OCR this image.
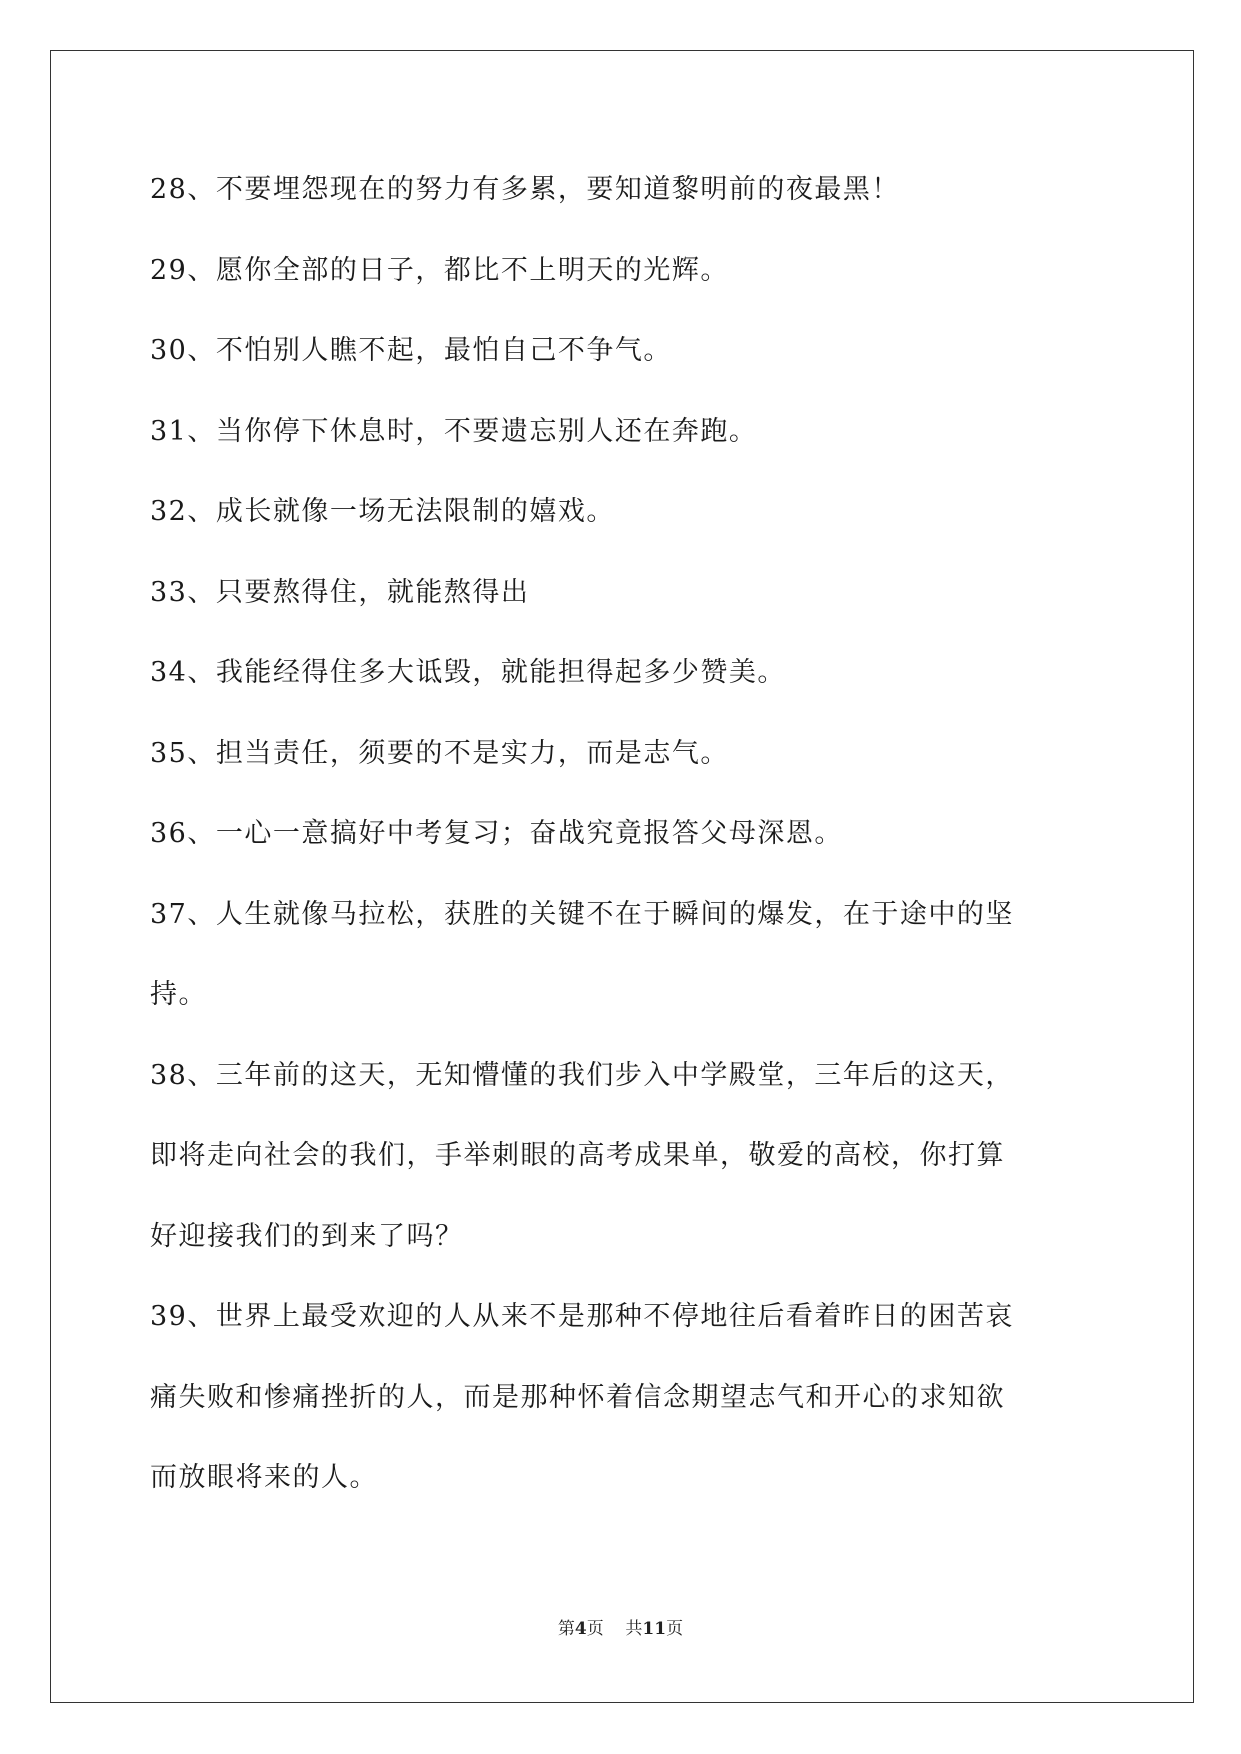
28、不要埋怨现在的努力有多累，要知道黎明前的夜最黑！
29、愿你全部的日子，都比不上明天的光辉。
30、不怕别人瞧不起，最怕自己不争气。
31、当你停下休息时，不要遗忘别人还在奔跑。
32、成长就像一场无法限制的嬉戏。
33、只要熬得住，就能熬得出
34、我能经得住多大诋毁，就能担得起多少赞美。
35、担当责任，须要的不是实力，而是志气。
36、一心一意搞好中考复习；奋战究竟报答父母深恩。
37、人生就像马拉松，获胜的关键不在于瞬间的爆发，在于途中的坚
持。
38、三年前的这天，无知懵懂的我们步入中学殿堂，三年后的这天，
即将走向社会的我们，手举刺眼的高考成果单，敬爱的高校，你打算
好迎接我们的到来了吗？
39、世界上最受欢迎的人从来不是那种不停地往后看着昨日的困苦哀
痛失败和惨痛挫折的人，而是那种怀着信念期望志气和开心的求知欲
而放眼将来的人。
第4页 共11页
